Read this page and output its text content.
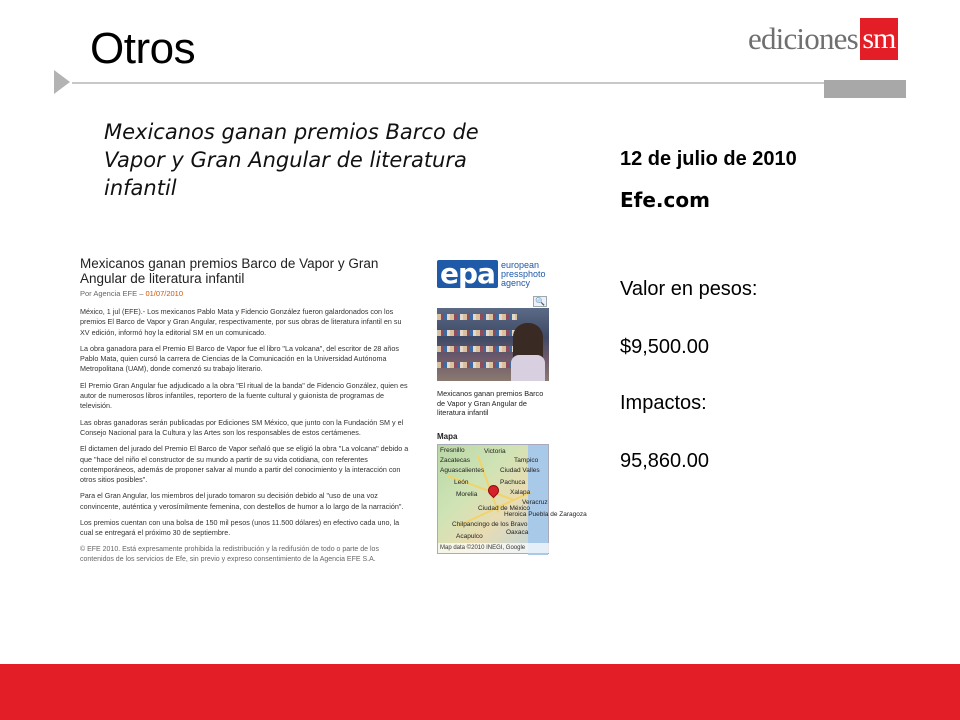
Otros	ediciones sm
Mexicanos ganan premios Barco de Vapor y Gran Angular de literatura infantil
12 de julio de 2010
Efe.com
Valor en pesos:
$9,500.00
Impactos:
95,860.00
Mexicanos ganan premios Barco de Vapor y Gran Angular de literatura infantil
Por Agencia EFE – 01/07/2010

México, 1 jul (EFE).- Los mexicanos Pablo Mata y Fidencio González fueron galardonados con los premios El Barco de Vapor y Gran Angular, respectivamente, por sus obras de literatura infantil en su XV edición, informó hoy la editorial SM en un comunicado.

La obra ganadora para el Premio El Barco de Vapor fue el libro "La volcana", del escritor de 28 años Pablo Mata, quien cursó la carrera de Ciencias de la Comunicación en la Universidad Autónoma Metropolitana (UAM), donde comenzó su trabajo literario.

El Premio Gran Angular fue adjudicado a la obra "El ritual de la banda" de Fidencio González, quien es autor de numerosos libros infantiles, reportero de la fuente cultural y guionista de programas de televisión.

Las obras ganadoras serán publicadas por Ediciones SM México, que junto con la Fundación SM y el Consejo Nacional para la Cultura y las Artes son los responsables de estos certámenes.

El dictamen del jurado del Premio El Barco de Vapor señaló que se eligió la obra "La volcana" debido a que "hace del niño el constructor de su mundo a partir de su vida cotidiana, con referentes contemporáneos, además de proponer salvar al mundo a partir del conocimiento y la interacción con otros sitios posibles".

Para el Gran Angular, los miembros del jurado tomaron su decisión debido al "uso de una voz convincente, auténtica y verosímilmente femenina, con destellos de humor a lo largo de la narración".

Los premios cuentan con una bolsa de 150 mil pesos (unos 11.500 dólares) en efectivo cada uno, la cual se entregará el próximo 30 de septiembre.

© EFE 2010. Está expresamente prohibida la redistribución y la redifusión de todo o parte de los contenidos de los servicios de Efe, sin previo y expreso consentimiento de la Agencia EFE S.A.

epa european
pressphoto
agency
🔍
Mexicanos ganan premios Barco de Vapor y Gran Angular de literatura infantil
Mapa
Victoria
Tampico
Ciudad Valles
Fresnillo
Zacatecas
Aguascalientes
León
Morelia
Pachuca
Xalapa
Ciudad de México
Veracruz
Heroica Puebla de Zaragoza
Acapulco
Oaxaca
Chilpancingo de los Bravo
Map data ©2010 INEGI, Google
